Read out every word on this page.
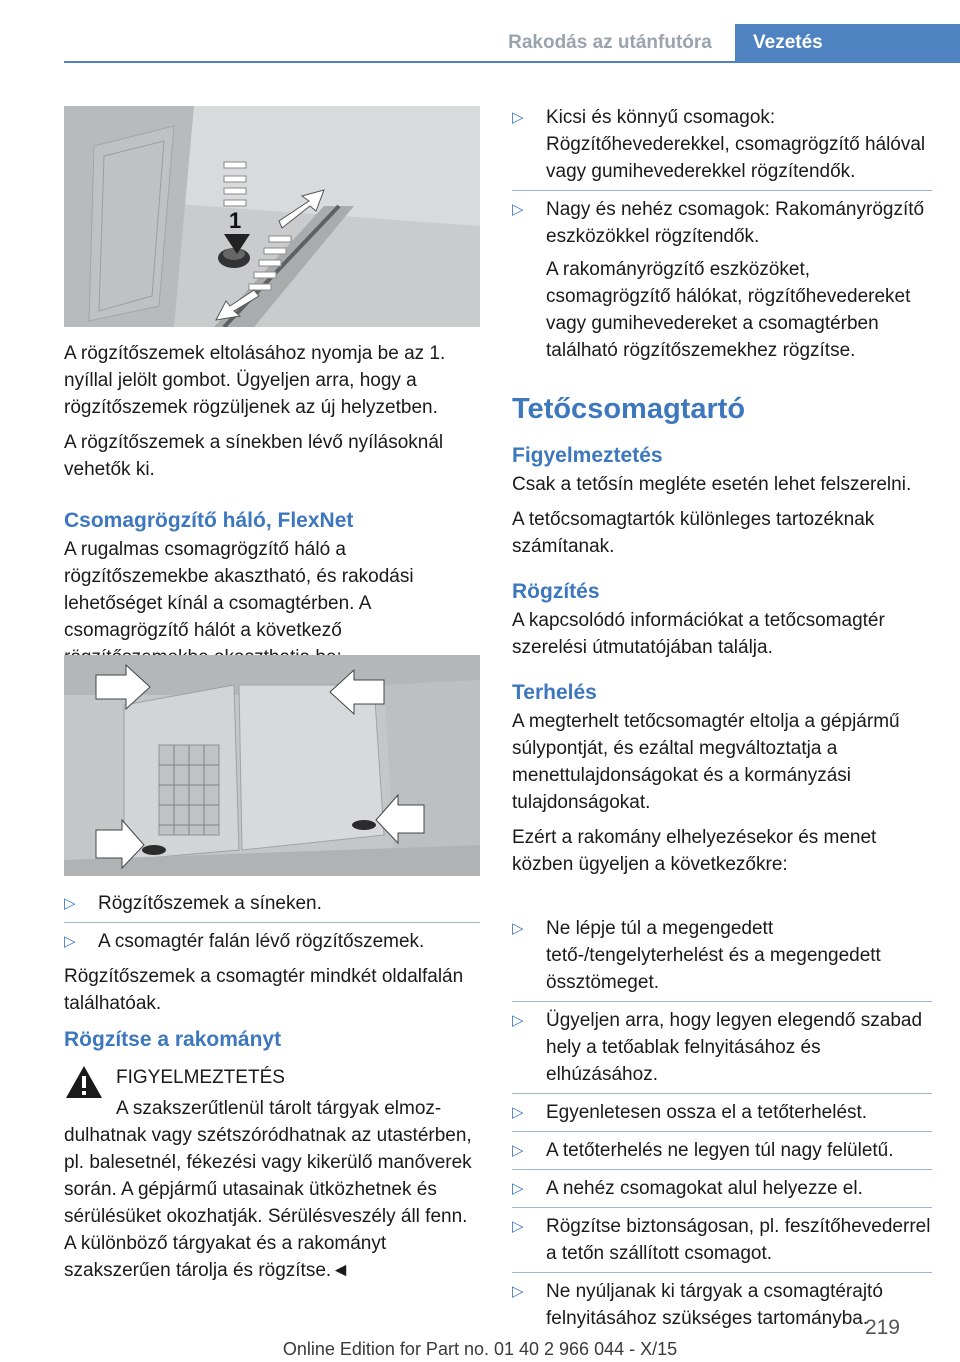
Rakodás az utánfutóra	Vezetés
1

A rögzítőszemek eltolásához nyomja be az 1. nyíllal jelölt gombot. Ügyeljen arra, hogy a rögzítőszemek rögzüljenek az új helyzetben.

A rögzítőszemek a sínekben lévő nyílásoknál vehetők ki.

Csomagrögzítő háló, FlexNet

A rugalmas csomagrögzítő háló a rögzítőszemekbe akasztható, és rakodási lehetőséget kínál a csomagtérben. A csomagrögzítő hálót a következő

▷ Rögzítőszemek a síneken.
▷ A csomagtér falán lévő rögzítőszemek.

Rögzítőszemek a csomagtér mindkét oldalfalán találhatóak.

Rögzítse a rakományt

FIGYELMEZTETÉS
A szakszerűtlenül tárolt tárgyak elmoz-

dulhatnak vagy szétszóródhatnak az utastérben, pl. balesetnél, fékezési vagy kikerülő manőverek során. A gépjármű utasainak ütközhetnek és sérülésüket okozhatják. Sérülésveszély áll fenn. A különböző tárgyakat és a rakományt szakszerűen tárolja és rögzítse.◄

▷ Kicsi és könnyű csomagok: Rögzítőhevederekkel, csomagrögzítő hálóval vagy gumihevederekkel rögzítendők.
▷ Nagy és nehéz csomagok: Rakományrögzítő eszközökkel rögzítendők.

A rakományrögzítő eszközöket, csomagrögzítő hálókat, rögzítőhevedereket vagy gumihevedereket a csomagtérben található rögzítőszemekhez rögzítse.

Tetőcsomagtartó

Figyelmeztetés

Csak a tetősín megléte esetén lehet felszerelni.

A tetőcsomagtartók különleges tartozéknak számítanak.

Rögzítés

A kapcsolódó információkat a tetőcsomagtér szerelési útmutatójában találja.

Terhelés

A megterhelt tetőcsomagtér eltolja a gépjármű súlypontját, és ezáltal megváltoztatja a menettulajdonságokat és a kormányzási tulajdonságokat.

Ezért a rakomány elhelyezésekor és menet közben ügyeljen a következőkre:

▷ Ne lépje túl a megengedett tető-/tengelyterhelést és a megengedett össztömeget.
▷ Ügyeljen arra, hogy legyen elegendő szabad hely a tetőablak felnyitásához és elhúzásához.
▷ Egyenletesen ossza el a tetőterhelést.
▷ A tetőterhelés ne legyen túl nagy felületű.
▷ A nehéz csomagokat alul helyezze el.
▷ Rögzítse biztonságosan, pl. feszítőhevederrel a tetőn szállított csomagot.
▷ Ne nyúljanak ki tárgyak a csomagtérajtó felnyitásához szükséges tartományba.
219
Online Edition for Part no. 01 40 2 966 044 - X/15
